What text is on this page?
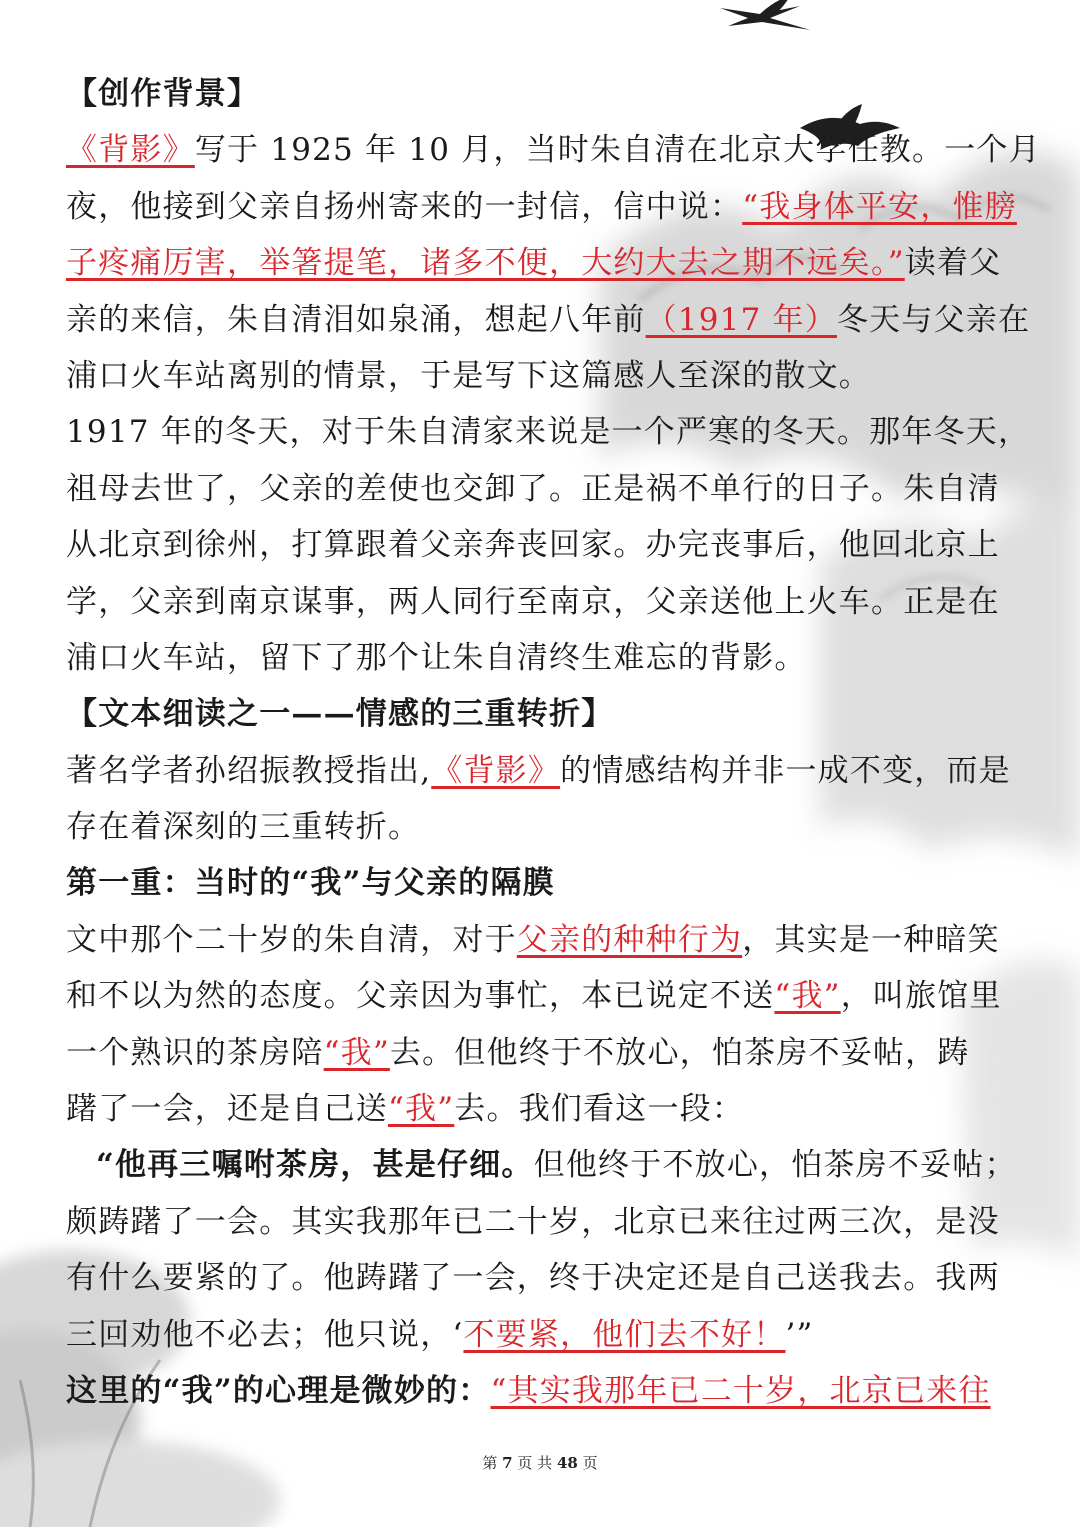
【创作背景】
《背影》写于 1925 年 10 月，当时朱自清在北京大学任教。一个月
夜，他接到父亲自扬州寄来的一封信，信中说：“我身体平安，惟膀
子疼痛厉害，举箸提笔，诸多不便，大约大去之期不远矣。”读着父
亲的来信，朱自清泪如泉涌，想起八年前（1917 年）冬天与父亲在
浦口火车站离别的情景，于是写下这篇感人至深的散文。
1917 年的冬天，对于朱自清家来说是一个严寒的冬天。那年冬天，
祖母去世了，父亲的差使也交卸了。正是祸不单行的日子。朱自清
从北京到徐州，打算跟着父亲奔丧回家。办完丧事后，他回北京上
学，父亲到南京谋事，两人同行至南京，父亲送他上火车。正是在
浦口火车站，留下了那个让朱自清终生难忘的背影。
【文本细读之一——情感的三重转折】
著名学者孙绍振教授指出,《背影》的情感结构并非一成不变，而是
存在着深刻的三重转折。
第一重：当时的“我”与父亲的隔膜
文中那个二十岁的朱自清，对于父亲的种种行为，其实是一种暗笑
和不以为然的态度。父亲因为事忙，本已说定不送“我”，叫旅馆里
一个熟识的茶房陪“我”去。但他终于不放心，怕茶房不妥帖，踌
躇了一会，还是自己送“我”去。我们看这一段：
“他再三嘱咐茶房，甚是仔细。但他终于不放心，怕茶房不妥帖；
颇踌躇了一会。其实我那年已二十岁，北京已来往过两三次，是没
有什么要紧的了。他踌躇了一会，终于决定还是自己送我去。我两
三回劝他不必去；他只说，‘不要紧，他们去不好！’”
这里的“我”的心理是微妙的：“其实我那年已二十岁，北京已来往
第 7 页 共 48 页
